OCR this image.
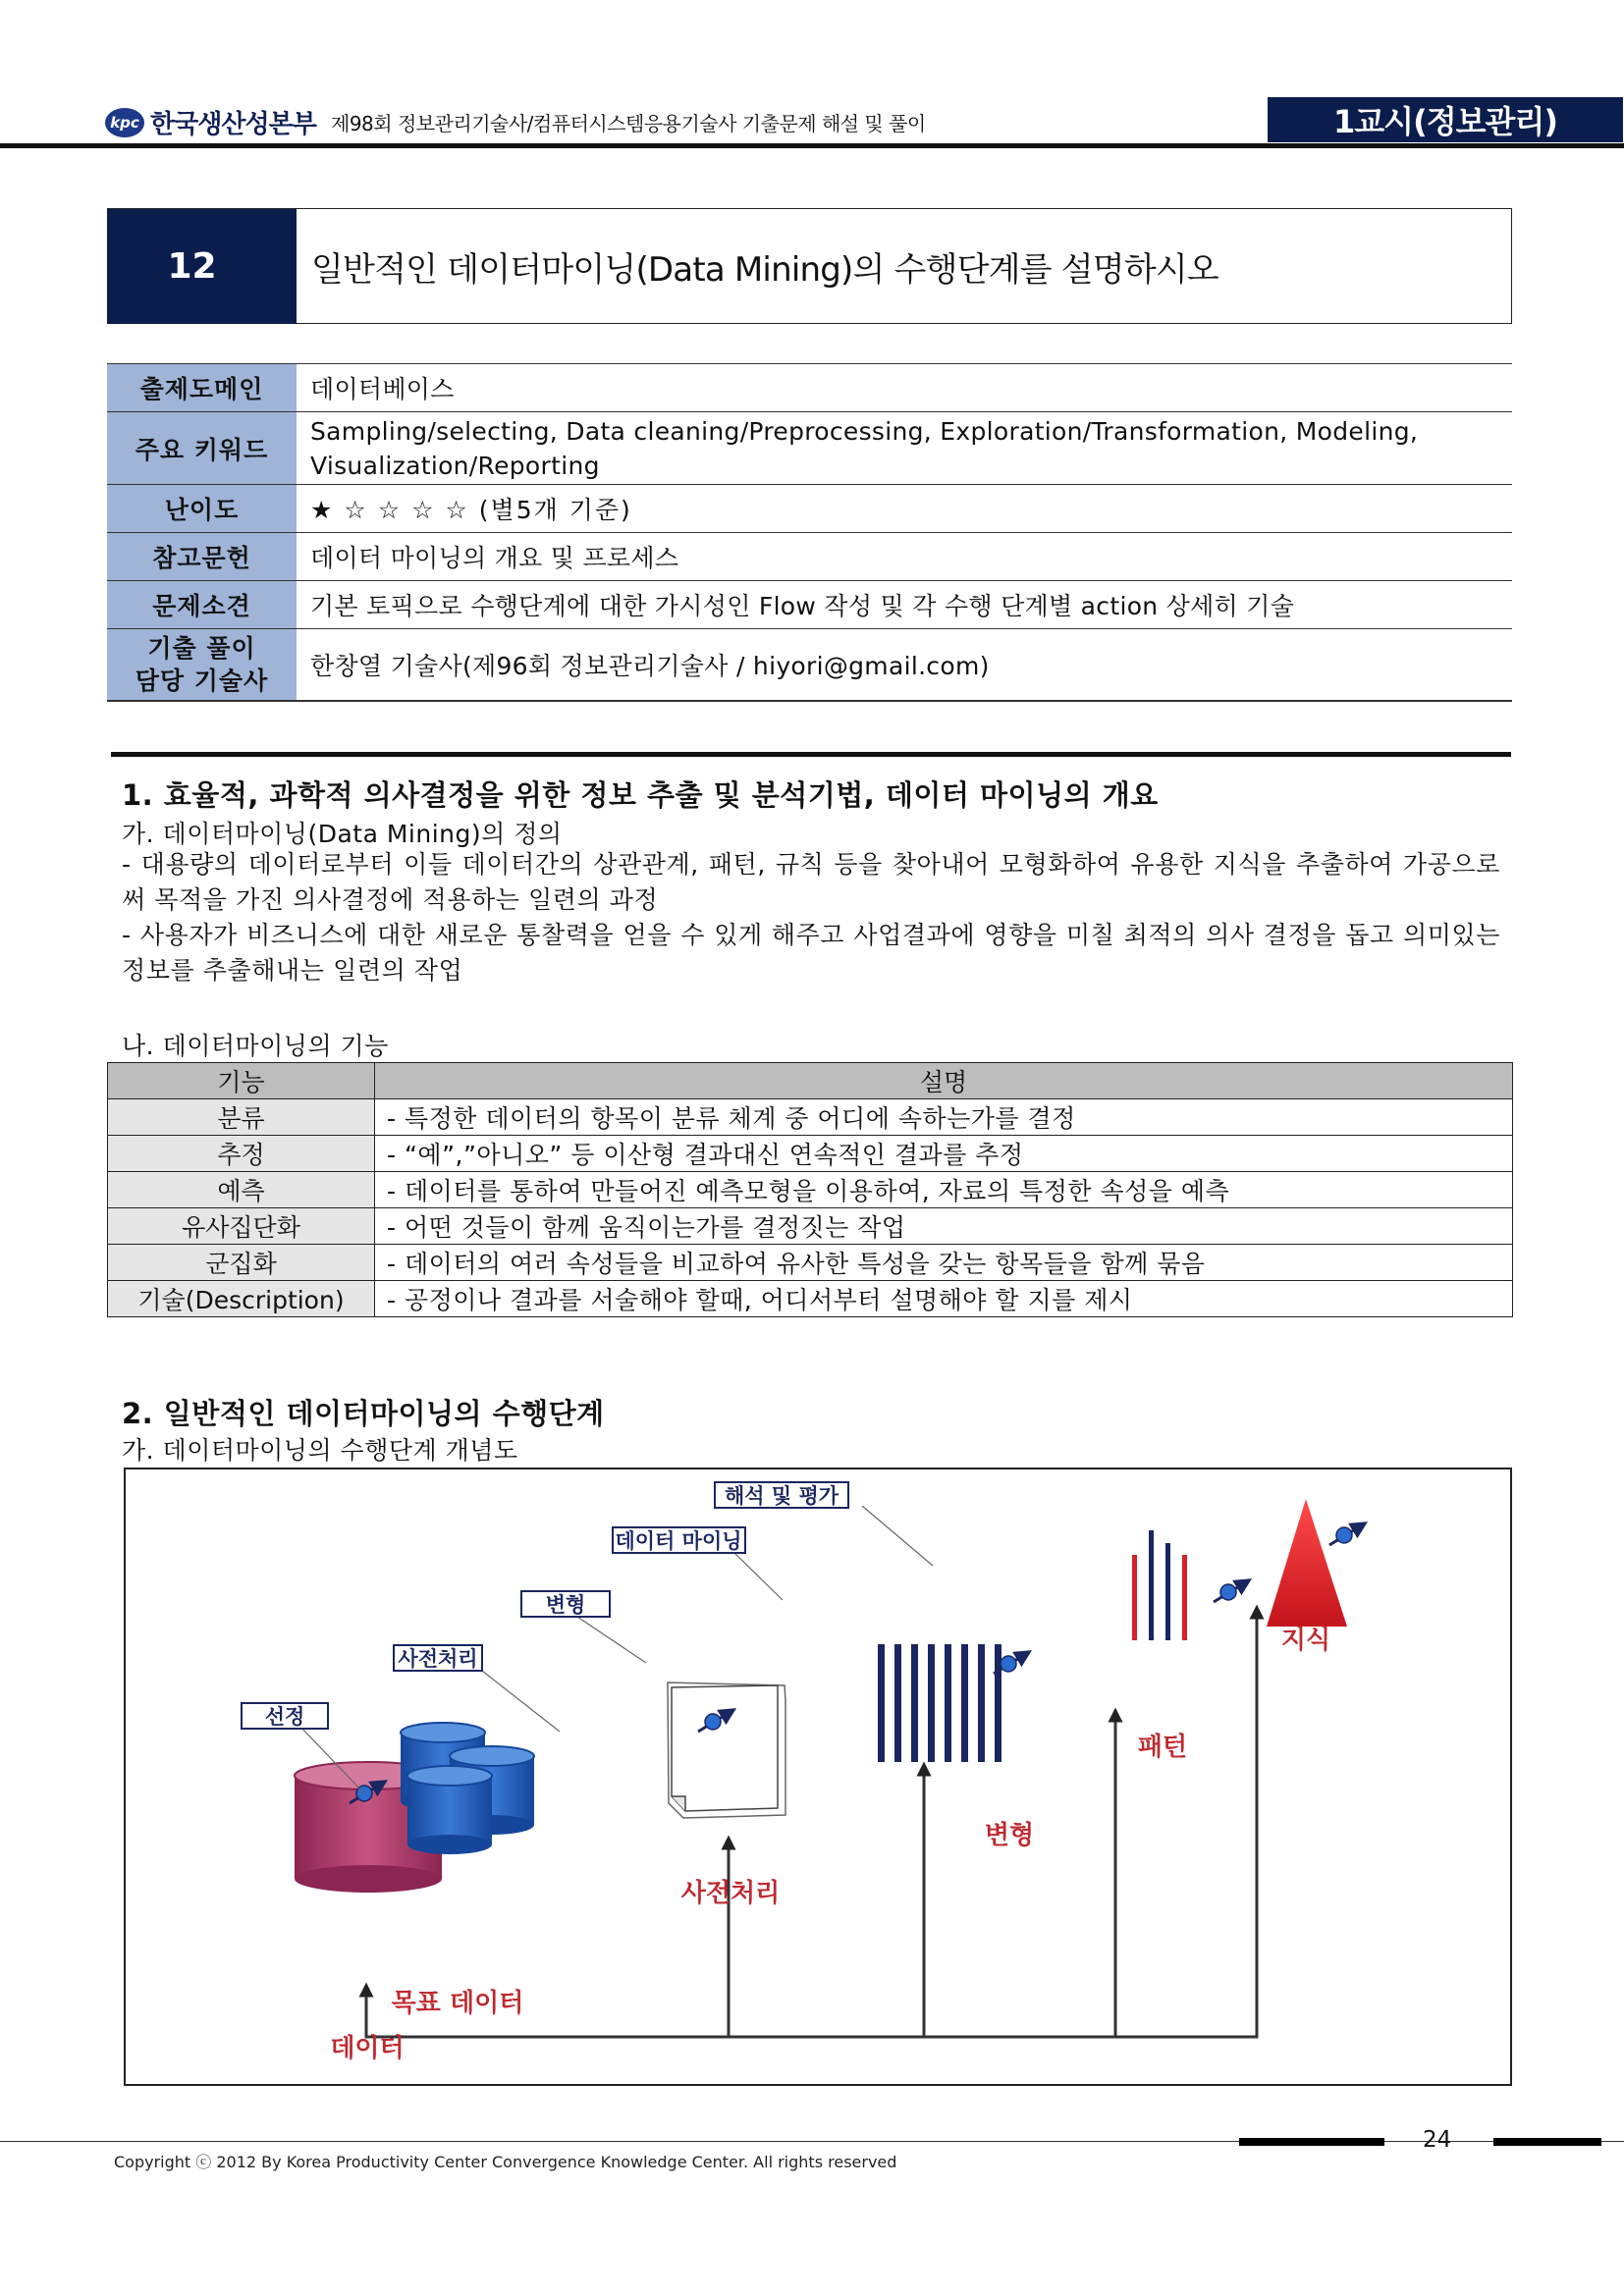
kpc 한국생산성본부 제98회 정보관리기술사/컴퓨터시스템응용기술사 기출문제 해설 및 풀이	1교시(정보관리)
12	일반적인 데이터마이닝(Data Mining)의 수행단계를 설명하시오
출제도메인	데이터베이스
주요 키워드	Sampling/selecting, Data cleaning/Preprocessing, Exploration/Transformation, Modeling,
Visualization/Reporting

난이도	★ ☆ ☆ ☆ ☆ (별5개 기준)
참고문헌	데이터 마이닝의 개요 및 프로세스
문제소견	기본 토픽으로 수행단계에 대한 가시성인 Flow 작성 및 각 수행 단계별 action 상세히 기술

기출 풀이
담당 기술사	한창열 기술사(제96회 정보관리기술사 / hiyori@gmail.com)
1. 효율적, 과학적 의사결정을 위한 정보 추출 및 분석기법, 데이터 마이닝의 개요
가. 데이터마이닝(Data Mining)의 정의
- 대용량의 데이터로부터 이들 데이터간의 상관관계, 패턴, 규칙 등을 찾아내어 모형화하여 유용한 지식을 추출하여 가공으로써 목적을 가진 의사결정에 적용하는 일련의 과정
- 사용자가 비즈니스에 대한 새로운 통찰력을 얻을 수 있게 해주고 사업결과에 영향을 미칠 최적의 의사 결정을 돕고 의미있는 정보를 추출해내는 일련의 작업
나. 데이터마이닝의 기능
기능	설명
분류	- 특정한 데이터의 항목이 분류 체계 중 어디에 속하는가를 결정
추정	- “예”,”아니오” 등 이산형 결과대신 연속적인 결과를 추정
예측	- 데이터를 통하여 만들어진 예측모형을 이용하여, 자료의 특정한 속성을 예측
유사집단화	- 어떤 것들이 함께 움직이는가를 결정짓는 작업
군집화	- 데이터의 여러 속성들을 비교하여 유사한 특성을 갖는 항목들을 함께 묶음
기술(Description)	- 공정이나 결과를 서술해야 할때, 어디서부터 설명해야 할 지를 제시
2. 일반적인 데이터마이닝의 수행단계
가. 데이터마이닝의 수행단계 개념도
데이터
목표 데이터
사전처리
변형
패턴
지식
선정
사전처리
변형
데이터 마이닝
해석 및 평가
24
Copyright ⓒ 2012 By Korea Productivity Center Convergence Knowledge Center. All rights reserved
